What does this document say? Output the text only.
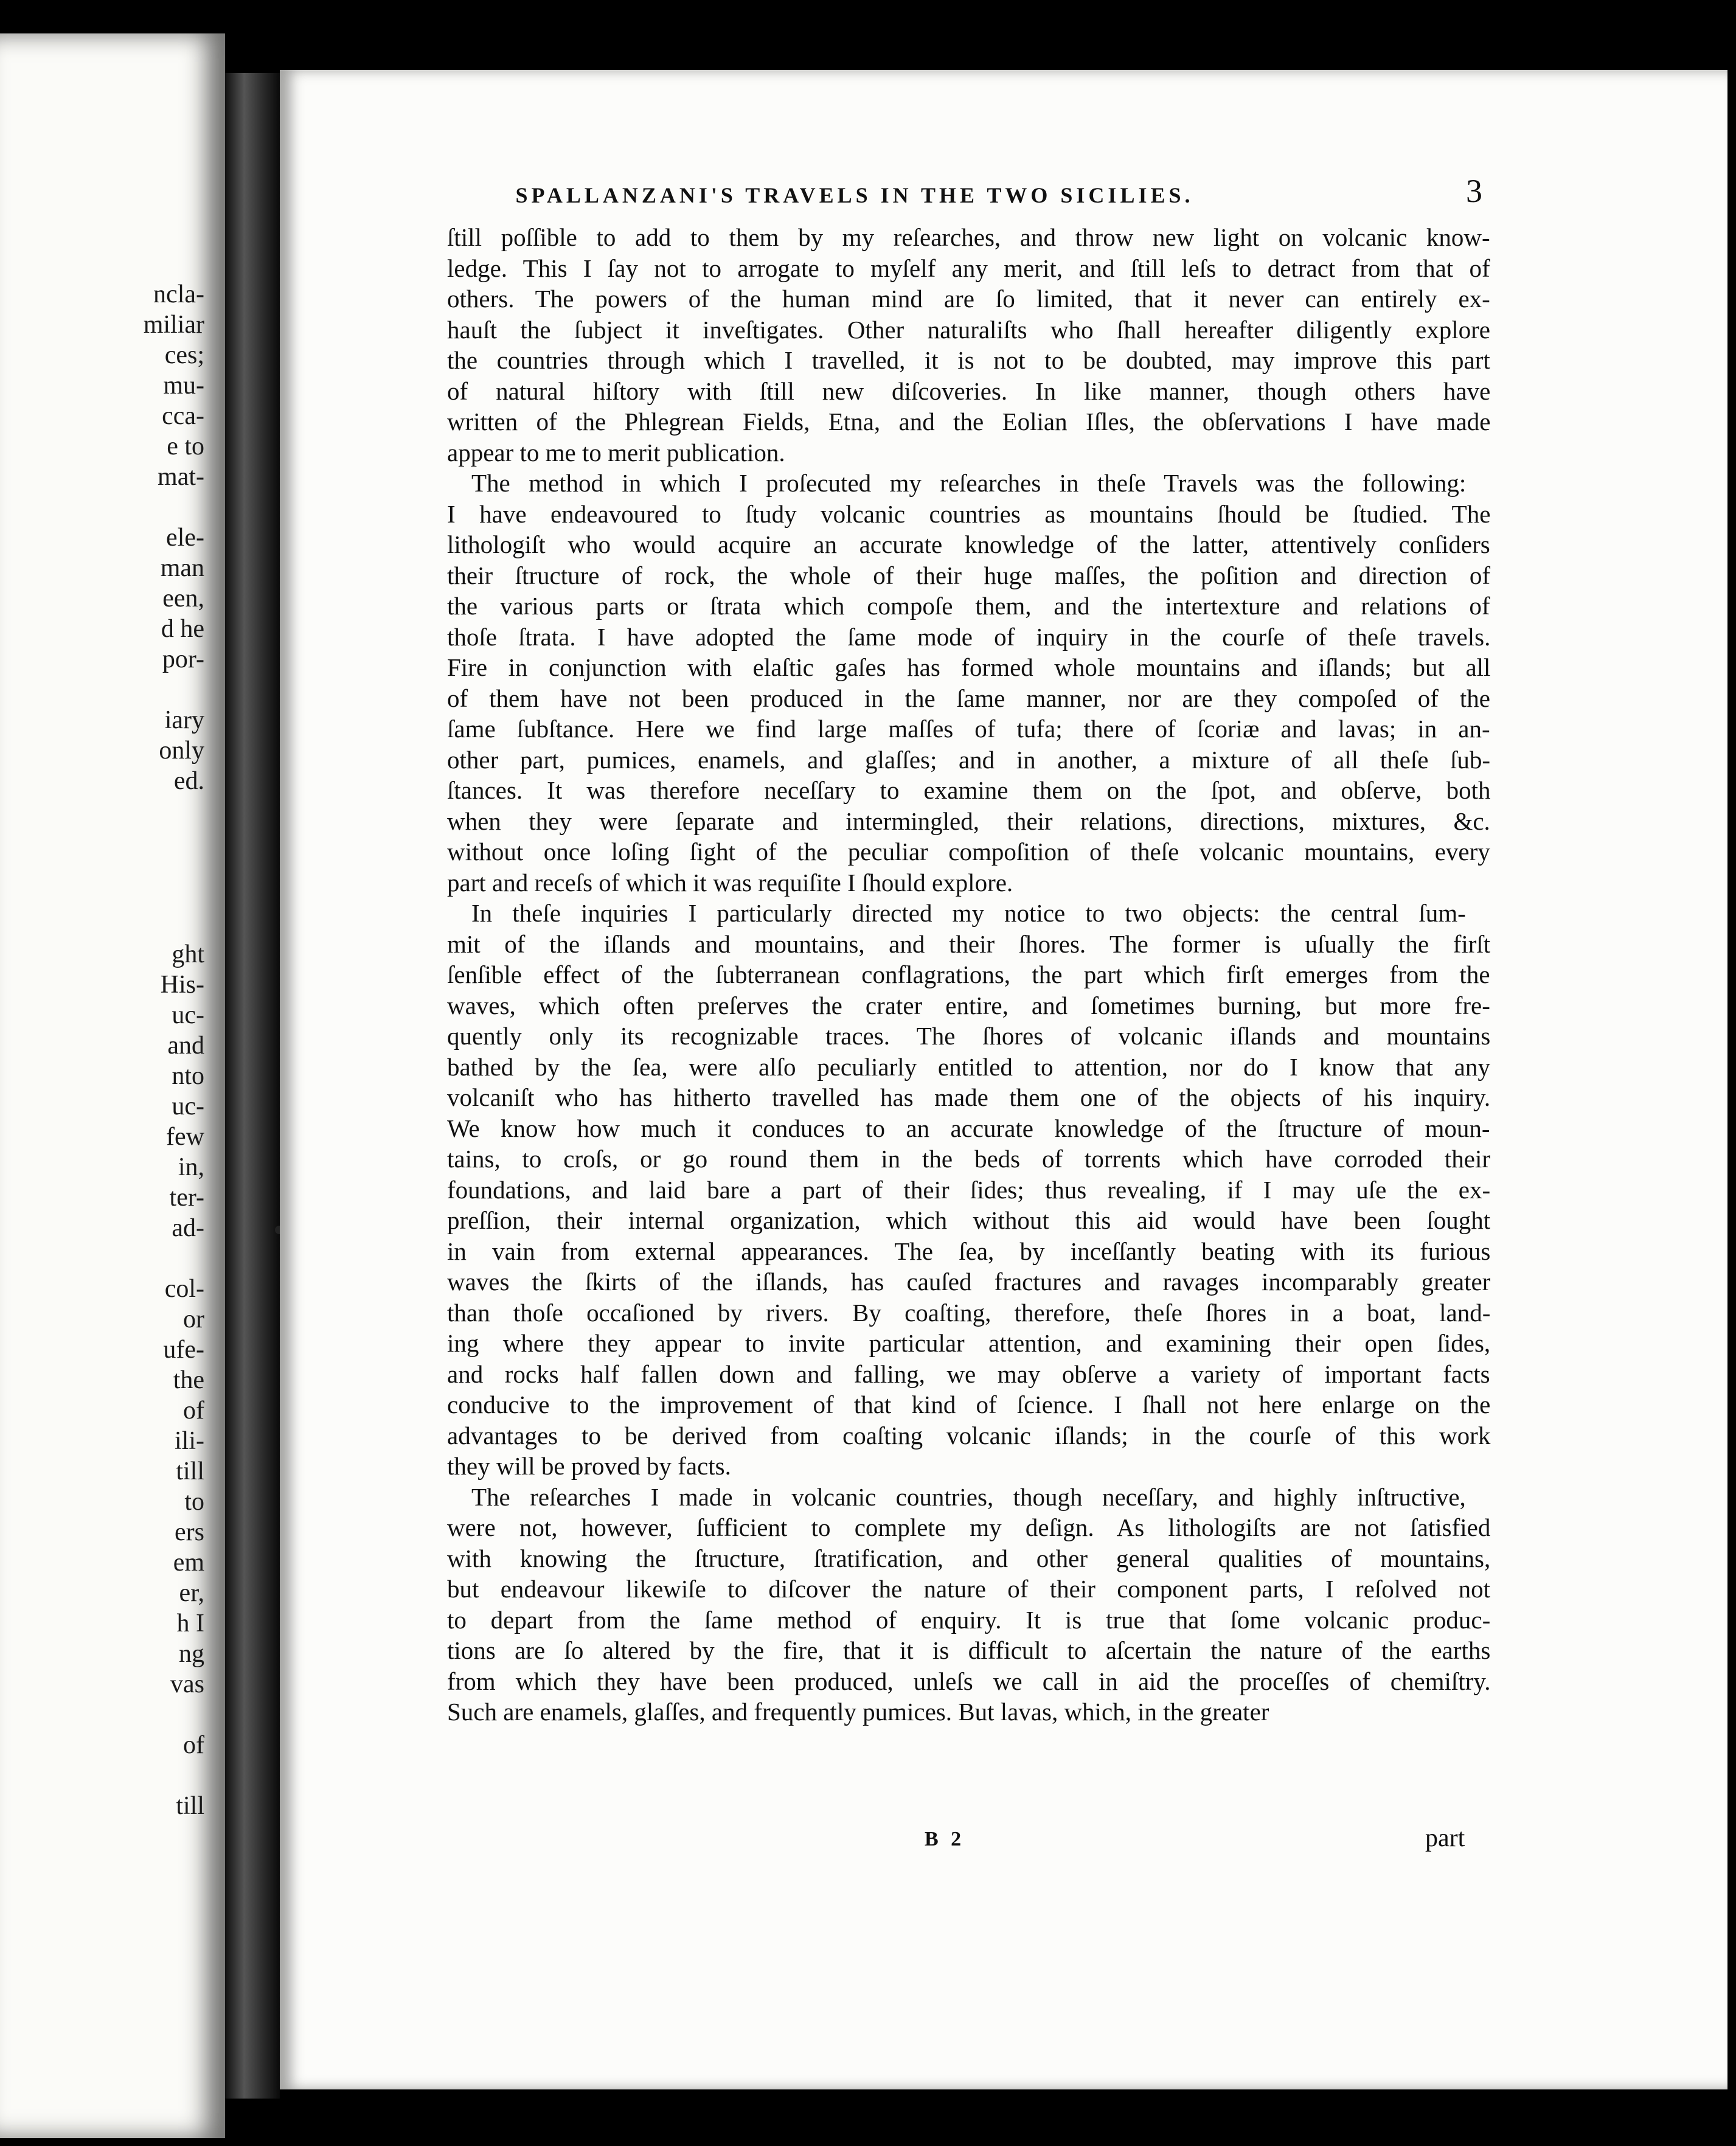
ncla-
miliar
ces;
mu-
cca-
e to
mat-
ele-
man
een,
d he
por-
iary
only
ed.
ght
His-
uc-
and
nto
uc-
few
in,
ter-
ad-
col-
or
ufe-
the
of
ili-
till
to
ers
em
er,
h I
ng
vas
of
till
SPALLANZANI'S TRAVELS IN THE TWO SICILIES.	3
ſtill poſſible to add to them by my reſearches, and throw new light on volcanic know-
ledge. This I ſay not to arrogate to myſelf any merit, and ſtill leſs to detract from that of
others. The powers of the human mind are ſo limited, that it never can entirely ex-
hauſt the ſubject it inveſtigates. Other naturaliſts who ſhall hereafter diligently explore
the countries through which I travelled, it is not to be doubted, may improve this part
of natural hiſtory with ſtill new diſcoveries. In like manner, though others have
written of the Phlegrean Fields, Etna, and the Eolian Iſles, the obſervations I have made
appear to me to merit publication.
The method in which I proſecuted my reſearches in theſe Travels was the following:
I have endeavoured to ſtudy volcanic countries as mountains ſhould be ſtudied. The
lithologiſt who would acquire an accurate knowledge of the latter, attentively conſiders
their ſtructure of rock, the whole of their huge maſſes, the poſition and direction of
the various parts or ſtrata which compoſe them, and the intertexture and relations of
thoſe ſtrata. I have adopted the ſame mode of inquiry in the courſe of theſe travels.
Fire in conjunction with elaſtic gaſes has formed whole mountains and iſlands; but all
of them have not been produced in the ſame manner, nor are they compoſed of the
ſame ſubſtance. Here we find large maſſes of tufa; there of ſcoriæ and lavas; in an-
other part, pumices, enamels, and glaſſes; and in another, a mixture of all theſe ſub-
ſtances. It was therefore neceſſary to examine them on the ſpot, and obſerve, both
when they were ſeparate and intermingled, their relations, directions, mixtures, &c.
without once loſing ſight of the peculiar compoſition of theſe volcanic mountains, every
part and receſs of which it was requiſite I ſhould explore.
In theſe inquiries I particularly directed my notice to two objects: the central ſum-
mit of the iſlands and mountains, and their ſhores. The former is uſually the firſt
ſenſible effect of the ſubterranean conflagrations, the part which firſt emerges from the
waves, which often preſerves the crater entire, and ſometimes burning, but more fre-
quently only its recognizable traces. The ſhores of volcanic iſlands and mountains
bathed by the ſea, were alſo peculiarly entitled to attention, nor do I know that any
volcaniſt who has hitherto travelled has made them one of the objects of his inquiry.
We know how much it conduces to an accurate knowledge of the ſtructure of moun-
tains, to croſs, or go round them in the beds of torrents which have corroded their
foundations, and laid bare a part of their ſides; thus revealing, if I may uſe the ex-
preſſion, their internal organization, which without this aid would have been ſought
in vain from external appearances. The ſea, by inceſſantly beating with its furious
waves the ſkirts of the iſlands, has cauſed fractures and ravages incomparably greater
than thoſe occaſioned by rivers. By coaſting, therefore, theſe ſhores in a boat, land-
ing where they appear to invite particular attention, and examining their open ſides,
and rocks half fallen down and falling, we may obſerve a variety of important facts
conducive to the improvement of that kind of ſcience. I ſhall not here enlarge on the
advantages to be derived from coaſting volcanic iſlands; in the courſe of this work
they will be proved by facts.
The reſearches I made in volcanic countries, though neceſſary, and highly inſtructive,
were not, however, ſufficient to complete my deſign. As lithologiſts are not ſatisfied
with knowing the ſtructure, ſtratification, and other general qualities of mountains,
but endeavour likewiſe to diſcover the nature of their component parts, I reſolved not
to depart from the ſame method of enquiry. It is true that ſome volcanic produc-
tions are ſo altered by the fire, that it is difficult to aſcertain the nature of the earths
from which they have been produced, unleſs we call in aid the proceſſes of chemiſtry.
Such are enamels, glaſſes, and frequently pumices. But lavas, which, in the greater
B 2	part
